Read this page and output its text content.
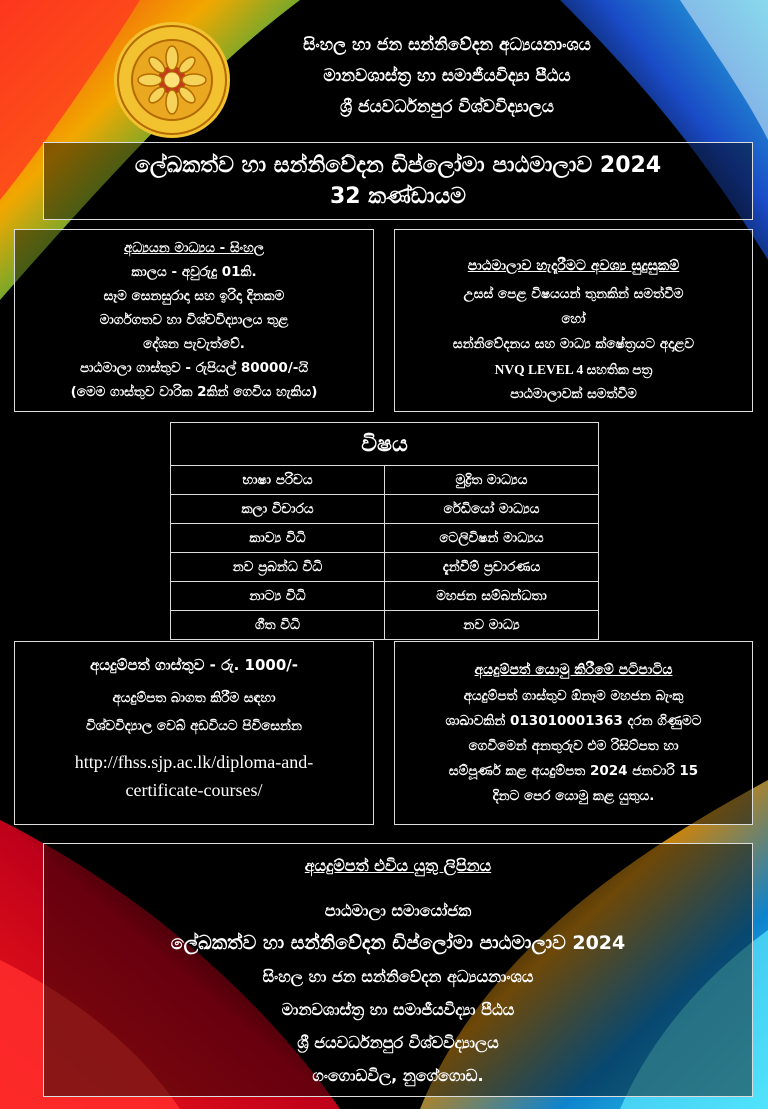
සිංහල හා ජන සන්නිවේදන අධ්‍යයනාංශය
මානවශාස්ත්‍ර හා සමාජීයවිද්‍යා පීඨය
ශ්‍රී ජයවර්ධනපුර විශ්වවිද්‍යාලය
ලේඛකත්ව හා සන්නිවේදන ඩිප්ලෝමා පාඨමාලාව 2024
32 කණ්ඩායම
අධ්‍යයන මාධ්‍යය - සිංහල
කාලය - අවුරුදු 01කි.
සෑම සෙනසුරාදා සහ ඉරිදා දිනකම
මාර්ගගතව හා විශ්වවිද්‍යාලය තුළ
දේශන පැවැත්වේ.
පාඨමාලා ගාස්තුව - රුපියල් 80000/-යි
(මෙම ගාස්තුව වාරික 2කින් ගෙවිය හැකිය)
පාඨමාලාව හැදෑරීමට අවශ්‍ය සුදුසුකම්
උසස් පෙළ විෂයයන් තුනකින් සමත්වීම
හෝ
සන්නිවේදනය සහ මාධ්‍ය ක්ෂේත්‍රයට අදාළව
NVQ LEVEL 4 සහතික පත්‍ර
පාඨමාලාවක් සමත්වීම
විෂය	
භාෂා පරිචය	මුද්‍රිත මාධ්‍යය
කලා විචාරය	රේඩියෝ මාධ්‍යය
කාව්‍ය විධි	ටෙලිවිෂන් මාධ්‍යය
නව ප්‍රබන්ධ විධි	දැන්වීම් ප්‍රචාරණය
නාට්‍ය විධි	මහජන සම්බන්ධතා
ගීත විධි	නව මාධ්‍ය
අයදුම්පත් ගාස්තුව - රු. 1000/-
අයදුම්පත බාගත කිරීම සඳහා
විශ්වවිද්‍යාල වෙබ් අඩවියට පිවිසෙන්න
http://fhss.sjp.ac.lk/diploma-and-
certificate-courses/
අයදුම්පත් යොමු කිරීමේ පටිපාටිය
අයදුම්පත් ගාස්තුව ඕනෑම මහජන බැංකු
ශාඛාවකින් 013010001363 දරන ගිණුමට
ගෙවීමෙන් අනතුරුව එම රිසිට්පත හා
සම්පූර්ණ කළ අයදුම්පත 2024 ජනවාරි 15
දිනට පෙර යොමු කළ යුතුය.
අයදුම්පත් එවිය යුතු ලිපිනය
පාඨමාලා සමායෝජක
ලේඛකත්ව හා සන්නිවේදන ඩිප්ලෝමා පාඨමාලාව 2024
සිංහල හා ජන සන්නිවේදන අධ්‍යයනාංශය
මානවශාස්ත්‍ර හා සමාජීයවිද්‍යා පීඨය
ශ්‍රී ජයවර්ධනපුර විශ්වවිද්‍යාලය
ගංගොඩවිල, නුගේගොඩ.
